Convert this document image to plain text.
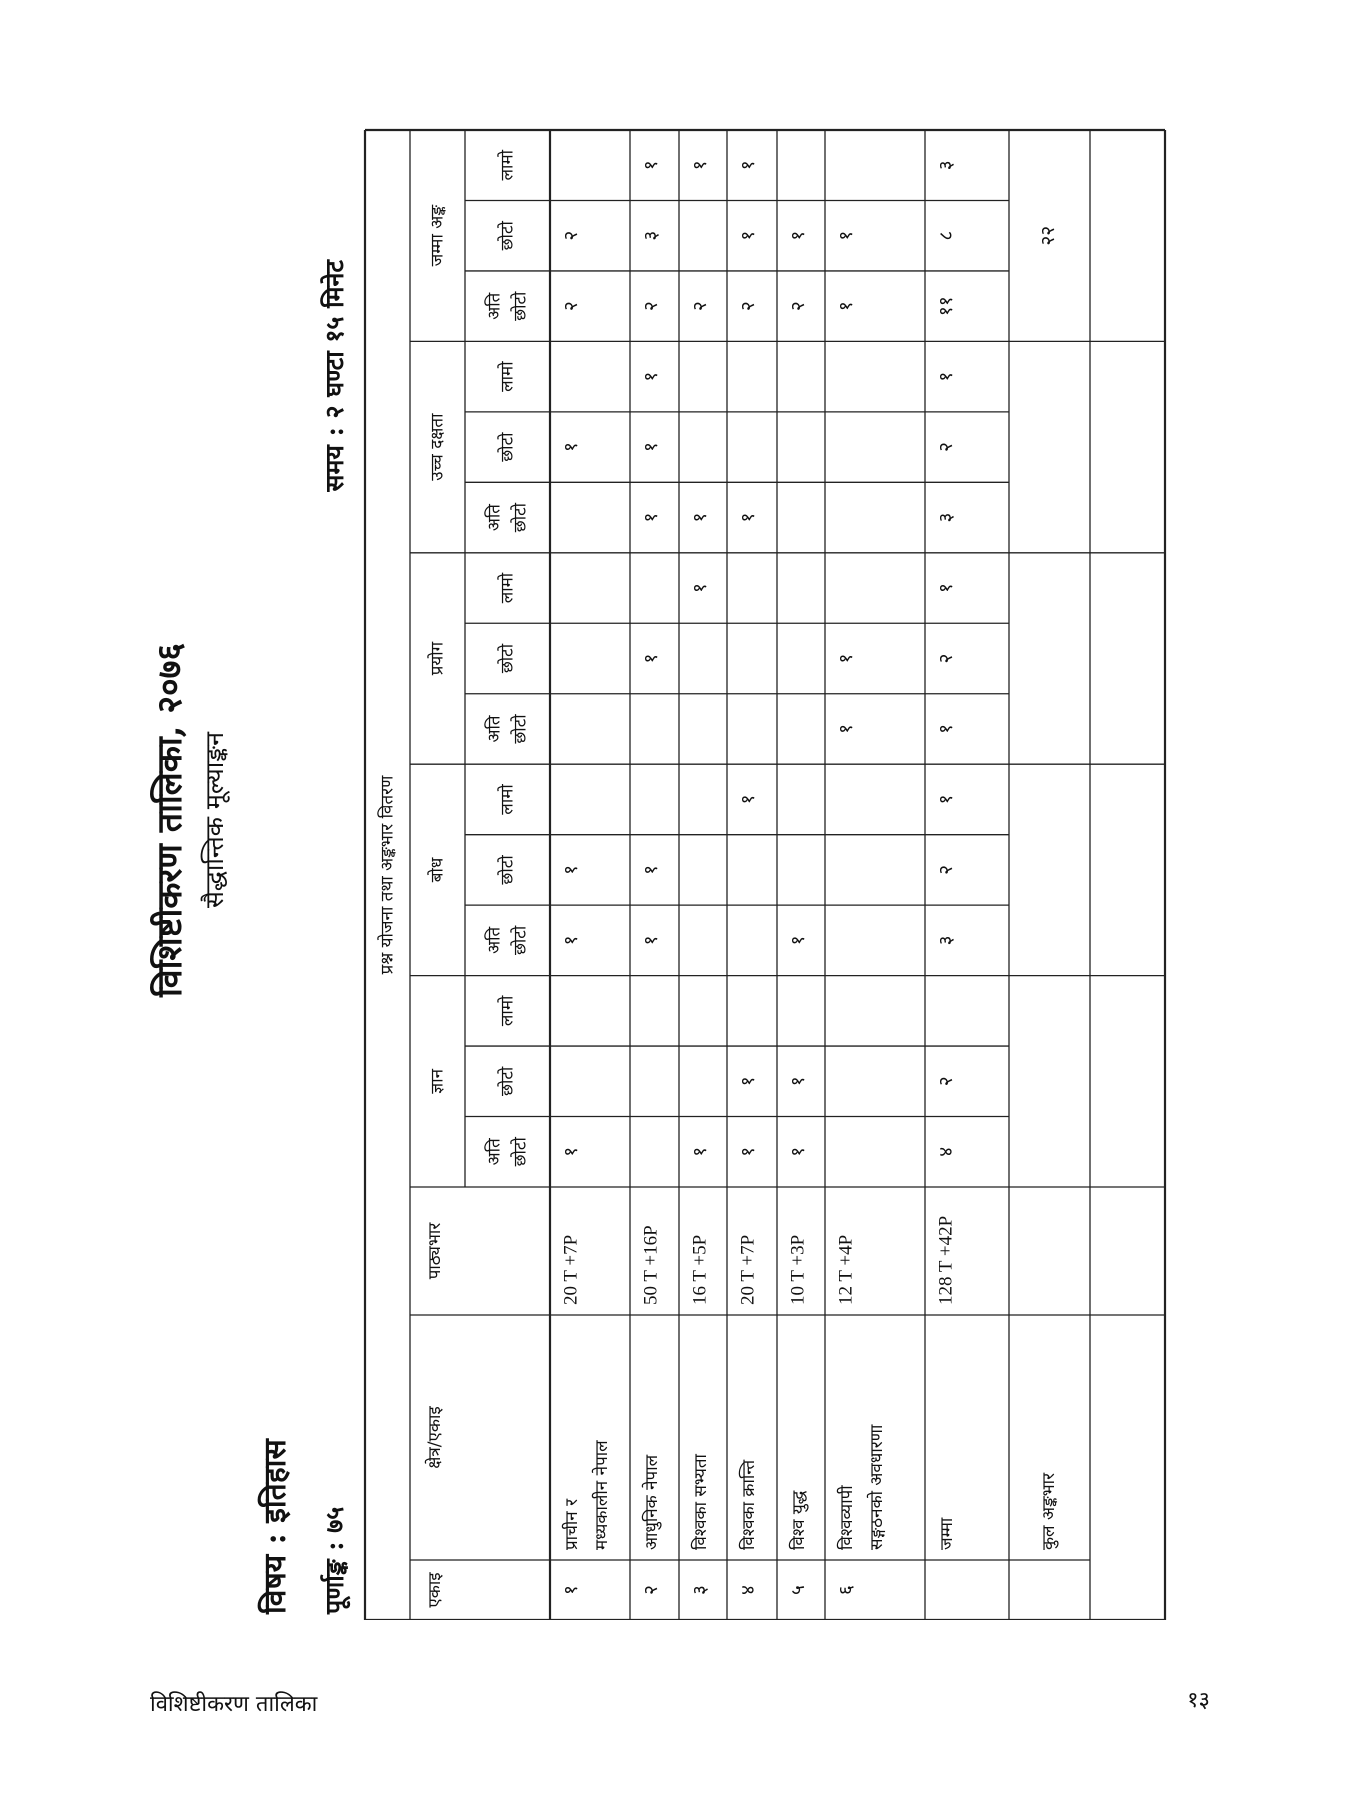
विशिष्टीकरण तालिका, २०७६ सैद्धान्तिक मूल्याङ्कन
विषय : इतिहास पूर्णाङ्क : ७५
समय : २ घण्टा १५ मिनेट
प्रश्न योजना तथा अङ्कभार वितरण
एकाइ
क्षेत्र/एकाइ
पाठ्यभार
ज्ञान
बोध
प्रयोग
उच्च दक्षता
जम्मा अङ्क
अति छोटो
छोटो
लामो
अति छोटो
छोटो
लामो
अति छोटो
छोटो
लामो
अति छोटो
छोटो
लामो
अति छोटो
छोटो
लामो
१
प्राचीन र मध्यकालीन नेपाल
20 T +7P
१
१
१
१
२
२
२
आधुनिक नेपाल
50 T +16P
१
१
१
१
१
१
२
३
१
३
विश्वका सभ्यता
16 T +5P
१
१
१
२
१
४
विश्वका क्रान्ति
20 T +7P
१
१
१
१
२
१
१
५
विश्व युद्ध
10 T +3P
१
१
१
२
१
६
विश्वव्यापी सङ्गठनको अवधारणा
12 T +4P
१
१
१
१
जम्मा
128 T +42P
४
२
३
२
१
१
२
१
३
२
१
११
८
३
कुल अङ्कभार
२२
विशिष्टीकरण तालिका	१३
